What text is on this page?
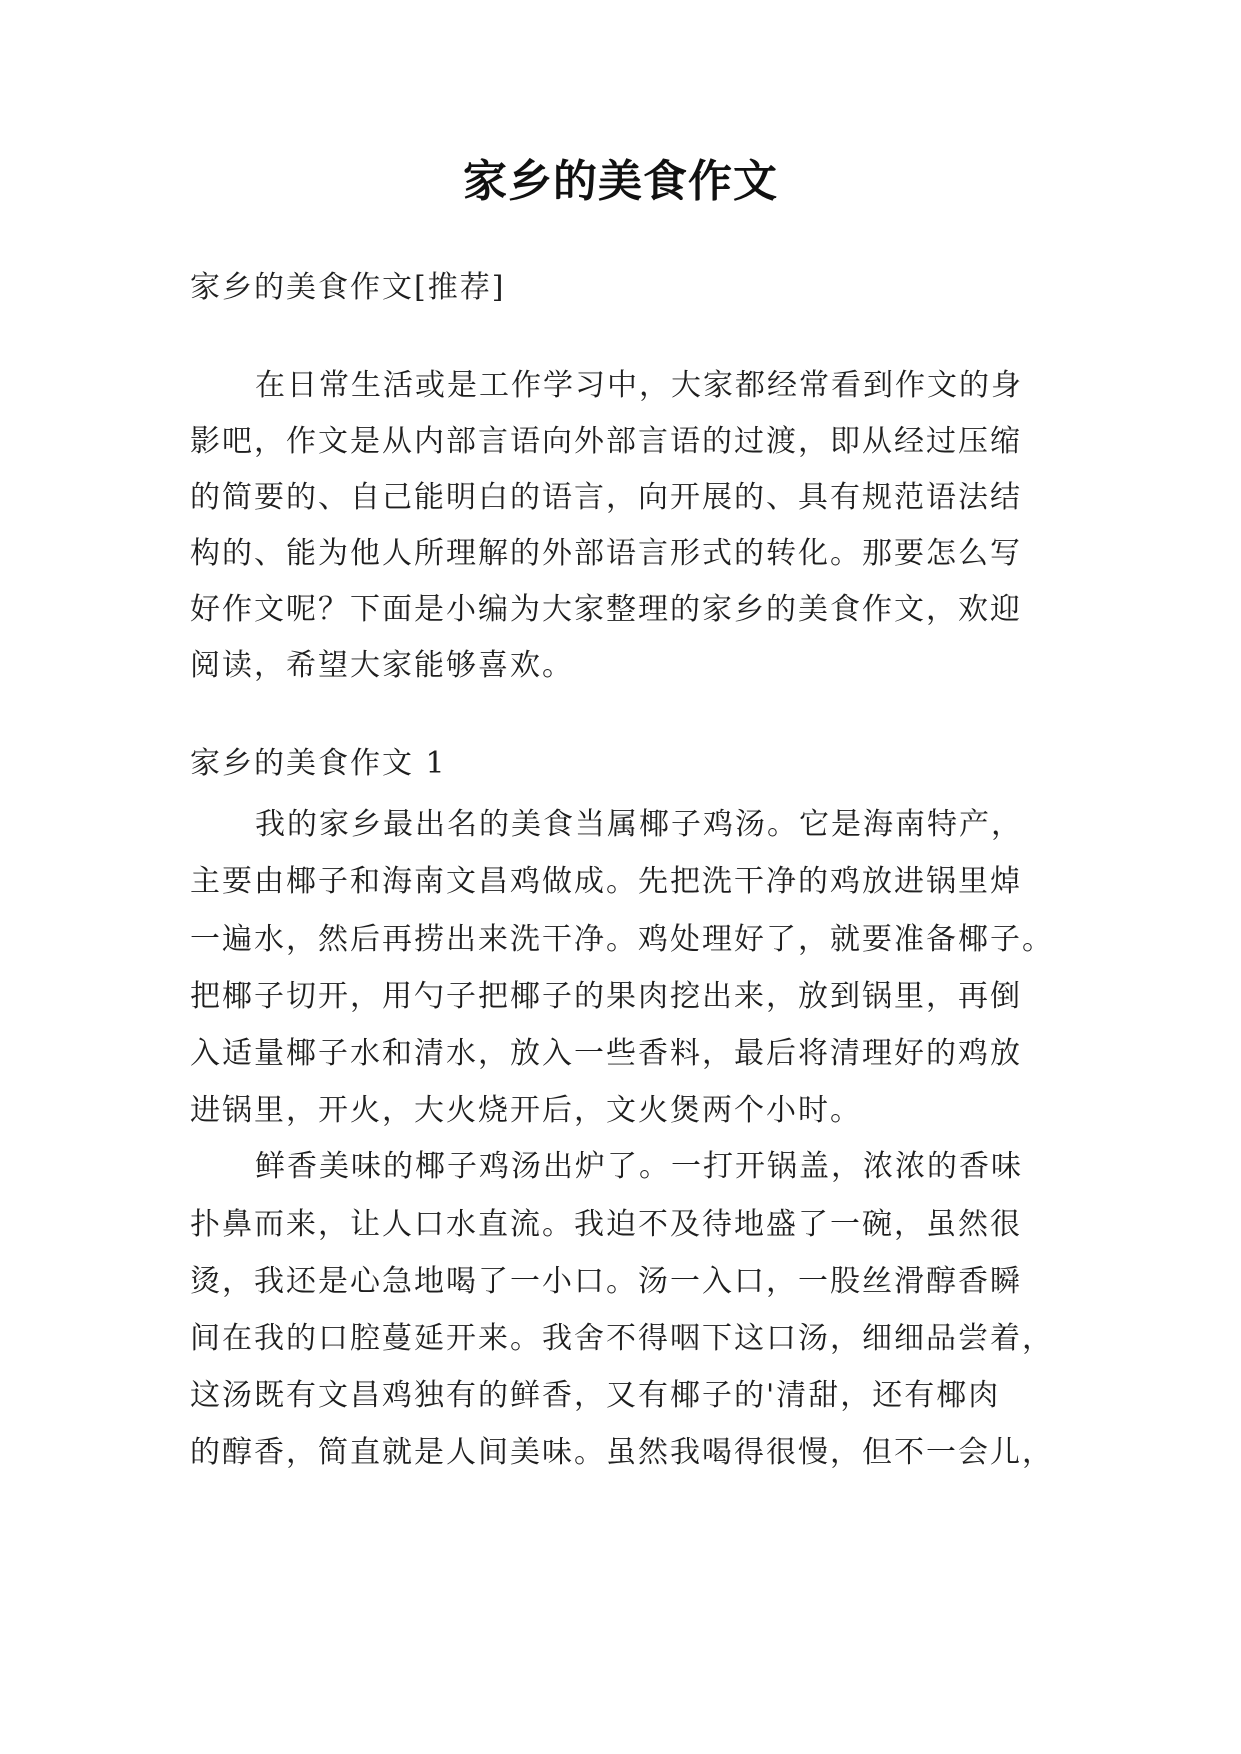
家乡的美食作文

家乡的美食作文[推荐]

在日常生活或是工作学习中，大家都经常看到作文的身

影吧，作文是从内部言语向外部言语的过渡，即从经过压缩

的简要的、自己能明白的语言，向开展的、具有规范语法结

构的、能为他人所理解的外部语言形式的转化。那要怎么写

好作文呢？下面是小编为大家整理的家乡的美食作文，欢迎

阅读，希望大家能够喜欢。

家乡的美食作文 1

我的家乡最出名的美食当属椰子鸡汤。它是海南特产，

主要由椰子和海南文昌鸡做成。先把洗干净的鸡放进锅里焯

一遍水，然后再捞出来洗干净。鸡处理好了，就要准备椰子。

把椰子切开，用勺子把椰子的果肉挖出来，放到锅里，再倒

入适量椰子水和清水，放入一些香料，最后将清理好的鸡放

进锅里，开火，大火烧开后，文火煲两个小时。

鲜香美味的椰子鸡汤出炉了。一打开锅盖，浓浓的香味

扑鼻而来，让人口水直流。我迫不及待地盛了一碗，虽然很

烫，我还是心急地喝了一小口。汤一入口，一股丝滑醇香瞬

间在我的口腔蔓延开来。我舍不得咽下这口汤，细细品尝着，

这汤既有文昌鸡独有的鲜香，又有椰子的'清甜，还有椰肉

的醇香，简直就是人间美味。虽然我喝得很慢，但不一会儿，
